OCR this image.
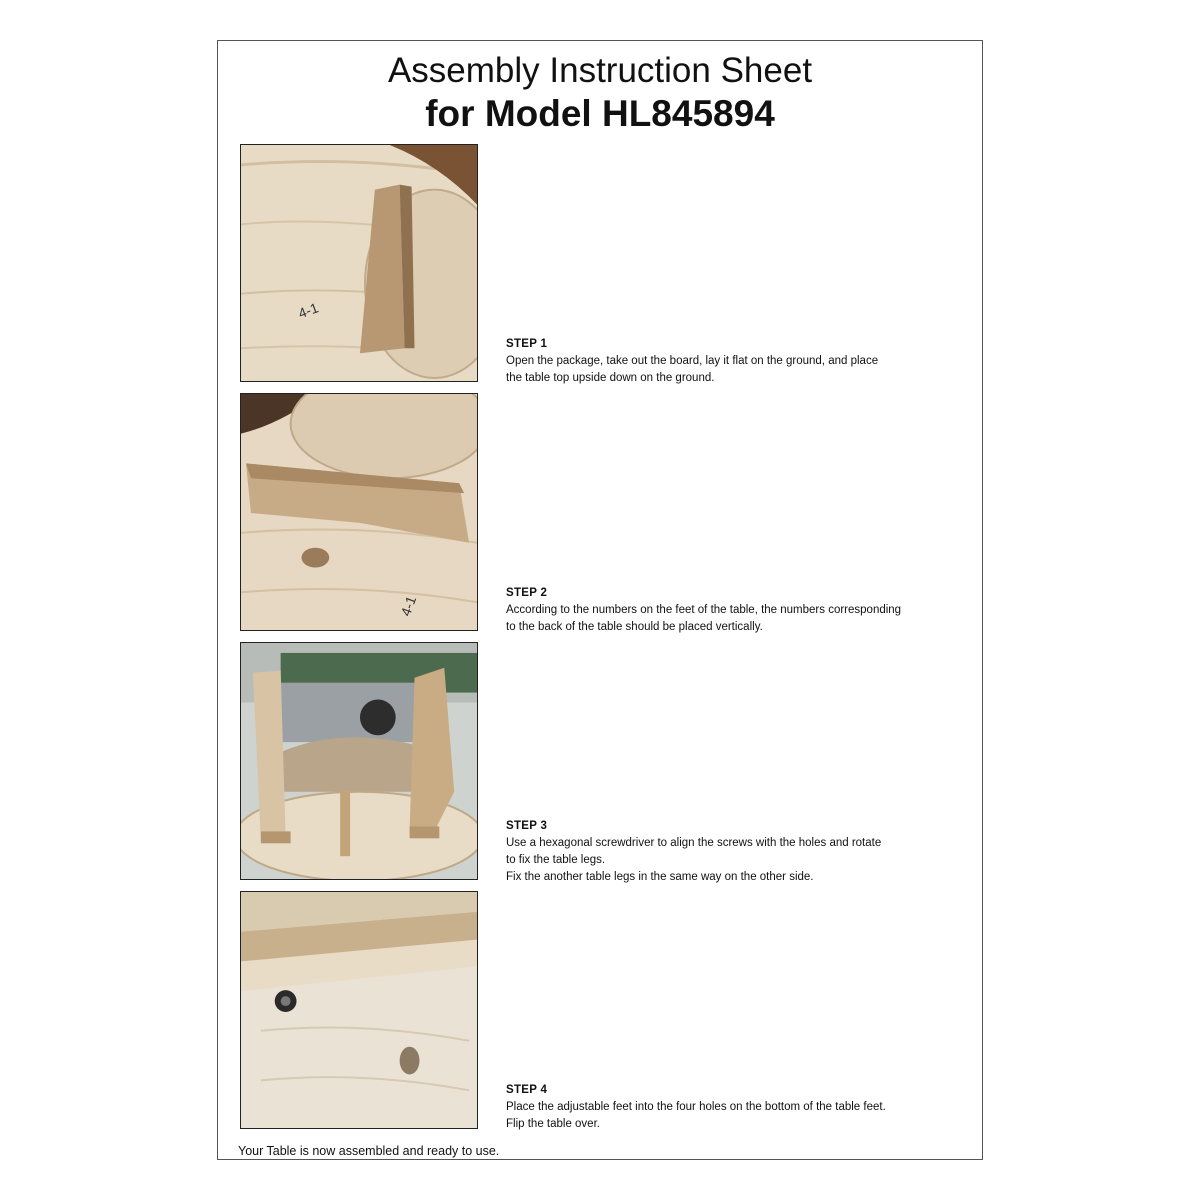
Assembly Instruction Sheet
for Model HL845894
4-1
STEP 1
Open the package, take out the board, lay it flat on the ground, and place
the table top upside down on the ground.
4-1
STEP 2
According to the numbers on the feet of the table, the numbers corresponding
to the back of the table should be placed vertically.
STEP 3
Use a hexagonal screwdriver to align the screws with the holes and rotate
to fix the table legs.
Fix the another table legs in the same way on the other side.
STEP 4
Place the adjustable feet into the four holes on the bottom of the table feet.
Flip the table over.
Your Table is now assembled and ready to use.
